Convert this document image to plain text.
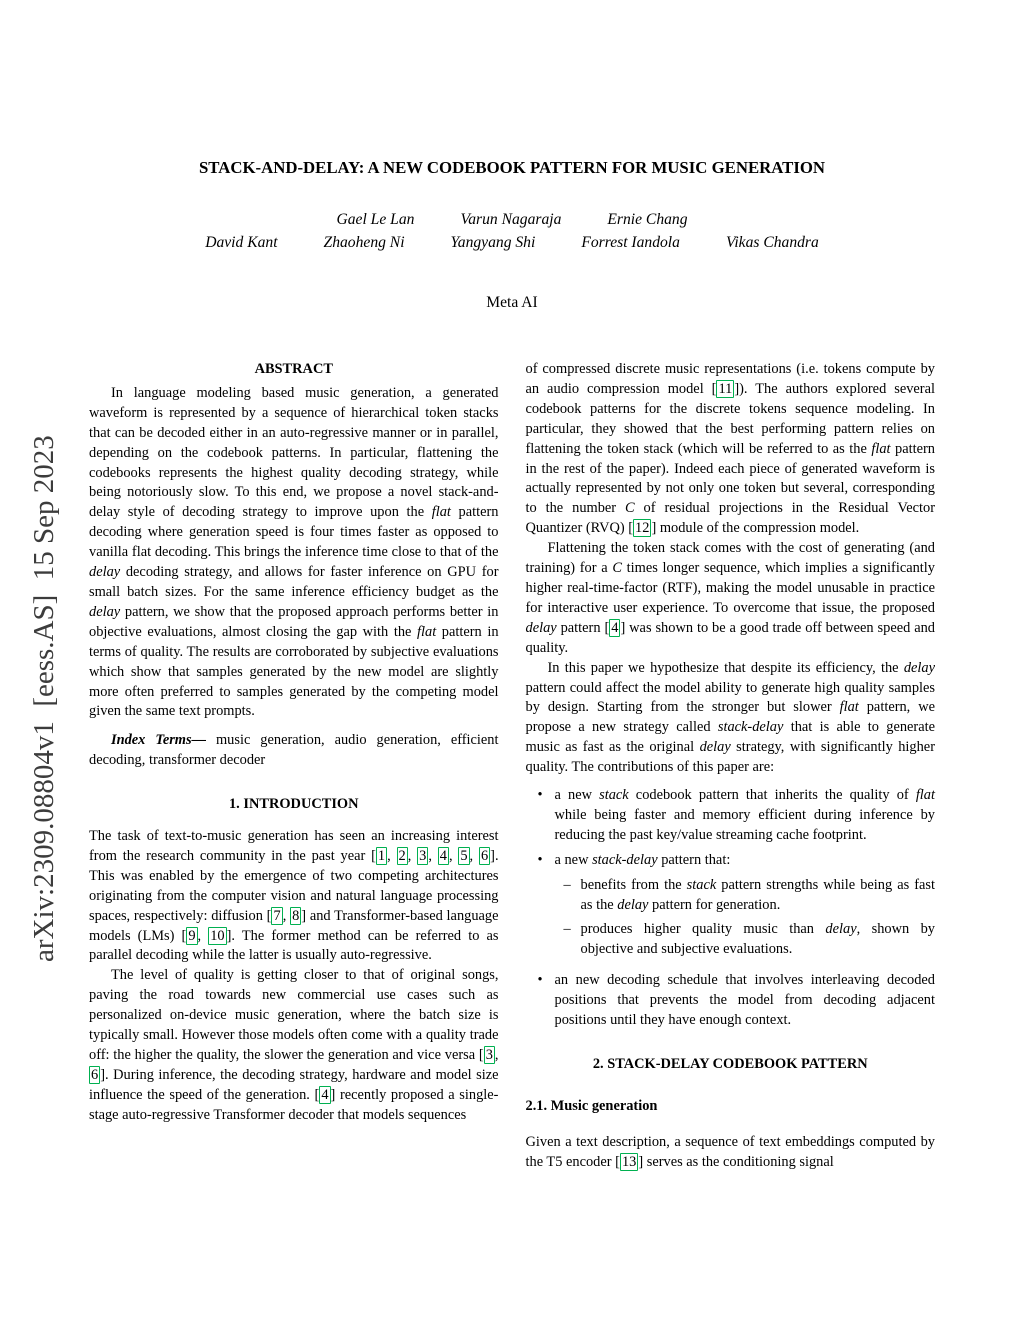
arXiv:2309.08804v1  [eess.AS]  15 Sep 2023
STACK-AND-DELAY: A NEW CODEBOOK PATTERN FOR MUSIC GENERATION
Gael Le Lan	Varun Nagaraja	Ernie Chang
David Kant	Zhaoheng Ni	Yangyang Shi	Forrest Iandola	Vikas Chandra
Meta AI
ABSTRACT

In language modeling based music generation, a generated waveform is represented by a sequence of hierarchical token stacks that can be decoded either in an auto-regressive manner or in parallel, depending on the codebook patterns. In particular, flattening the codebooks represents the highest quality decoding strategy, while being notoriously slow. To this end, we propose a novel stack-and-delay style of decoding strategy to improve upon the flat pattern decoding where generation speed is four times faster as opposed to vanilla flat decoding. This brings the inference time close to that of the delay decoding strategy, and allows for faster inference on GPU for small batch sizes. For the same inference efficiency budget as the delay pattern, we show that the proposed approach performs better in objective evaluations, almost closing the gap with the flat pattern in terms of quality. The results are corroborated by subjective evaluations which show that samples generated by the new model are slightly more often preferred to samples generated by the competing model given the same text prompts.

Index Terms— music generation, audio generation, efficient decoding, transformer decoder

1. INTRODUCTION

The task of text-to-music generation has seen an increasing interest from the research community in the past year [ 1 , 2 , 3 , 4 , 5 , 6 ]. This was enabled by the emergence of two competing architectures originating from the computer vision and natural language processing spaces, respectively: diffusion [ 7 , 8 ] and Transformer-based language models (LMs) [ 9 , 10 ]. The former method can be referred to as parallel decoding while the latter is usually auto-regressive.

The level of quality is getting closer to that of original songs, paving the road towards new commercial use cases such as personalized on-device music generation, where the batch size is typically small. However those models often come with a quality trade off: the higher the quality, the slower the generation and vice versa [ 3 , 6 ]. During inference, the decoding strategy, hardware and model size influence the speed of the generation. [ 4 ] recently proposed a single-stage auto-regressive Transformer decoder that models sequences

of compressed discrete music representations (i.e. tokens compute by an audio compression model [ 11 ]). The authors explored several codebook patterns for the discrete tokens sequence modeling. In particular, they showed that the best performing pattern relies on flattening the token stack (which will be referred to as the flat pattern in the rest of the paper). Indeed each piece of generated waveform is actually represented by not only one token but several, corresponding to the number C of residual projections in the Residual Vector Quantizer (RVQ) [ 12 ] module of the compression model.

Flattening the token stack comes with the cost of generating (and training) for a C times longer sequence, which implies a significantly higher real-time-factor (RTF), making the model unusable in practice for interactive user experience. To overcome that issue, the proposed delay pattern [ 4 ] was shown to be a good trade off between speed and quality.

In this paper we hypothesize that despite its efficiency, the delay pattern could affect the model ability to generate high quality samples by design. Starting from the stronger but slower flat pattern, we propose a new strategy called stack-delay that is able to generate music as fast as the original delay strategy, with significantly higher quality. The contributions of this paper are:

• a new stack codebook pattern that inherits the quality of flat while being faster and memory efficient during inference by reducing the past key/value streaming cache footprint.
• a new stack-delay pattern that:
– benefits from the stack pattern strengths while being as fast as the delay pattern for generation.
– produces higher quality music than delay, shown by objective and subjective evaluations.
• an new decoding schedule that involves interleaving decoded positions that prevents the model from decoding adjacent positions until they have enough context.
2. STACK-DELAY CODEBOOK PATTERN
2.1. Music generation

Given a text description, a sequence of text embeddings computed by the T5 encoder [ 13 ] serves as the conditioning signal
